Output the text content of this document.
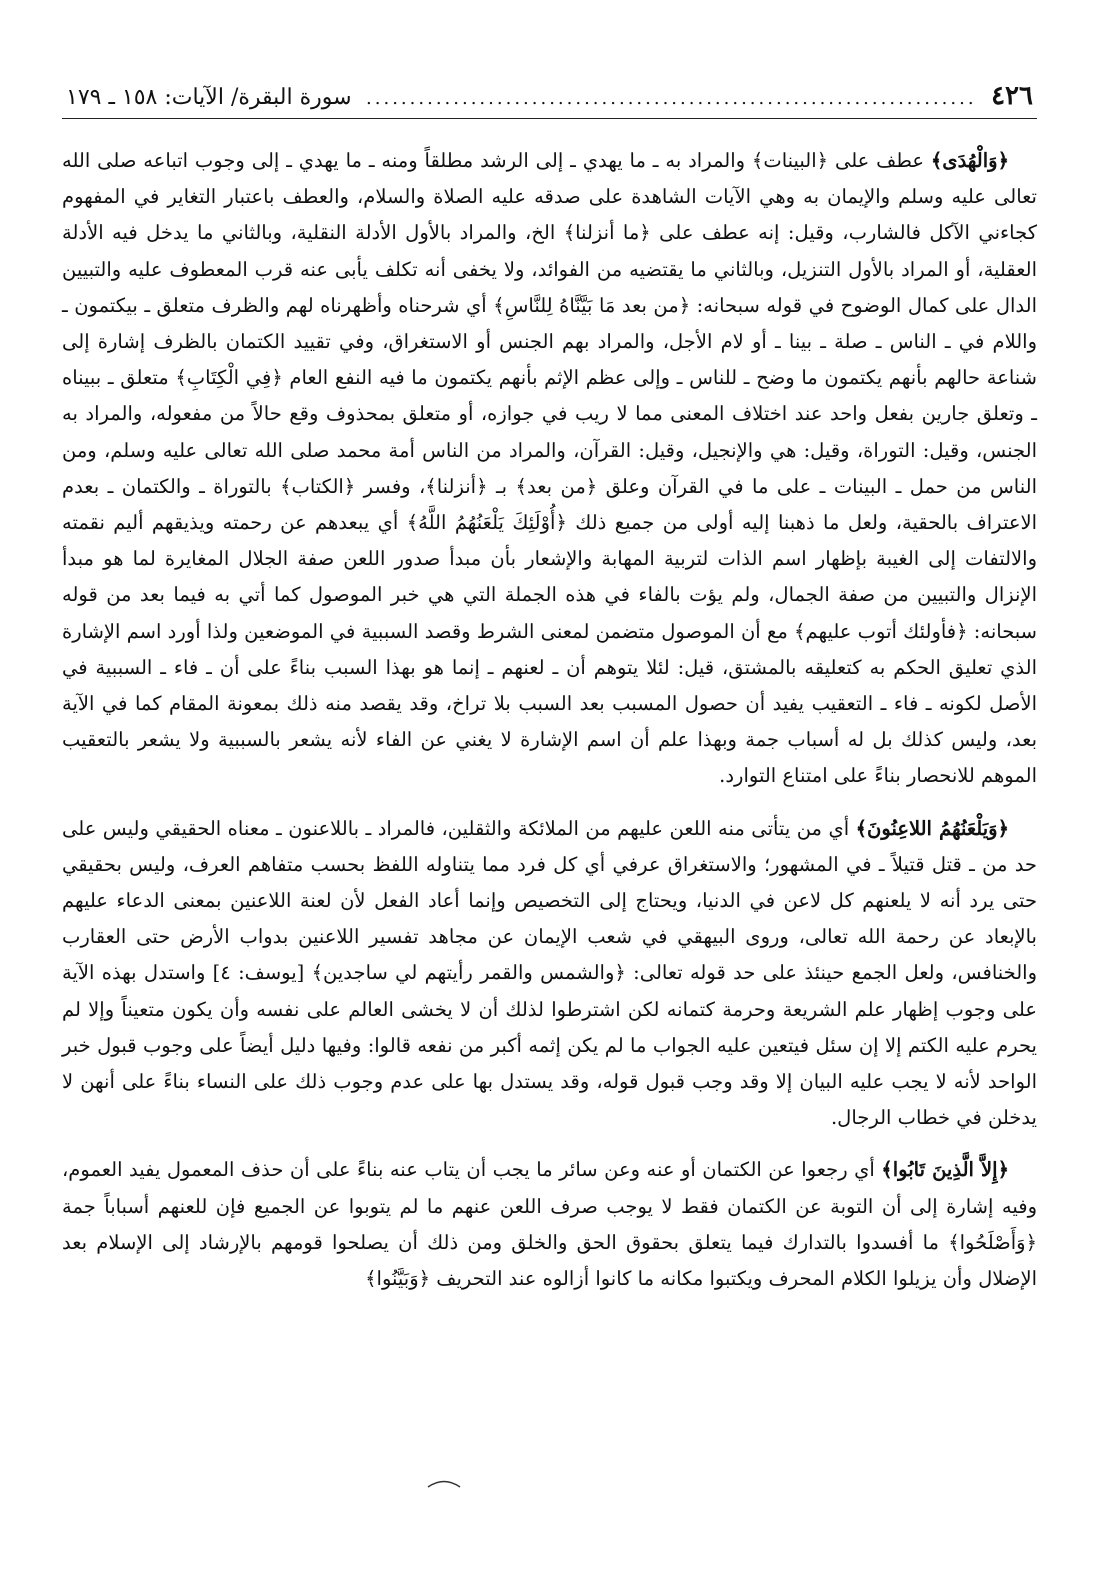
٤٢٦
......................................................................
سورة البقرة/ الآيات: ١٥٨ ـ ١٧٩

﴿وَالْهُدَى﴾ عطف على ﴿البينات﴾ والمراد به ـ ما يهدي ـ إلى الرشد مطلقاً ومنه ـ ما يهدي ـ إلى وجوب اتباعه صلى الله تعالى عليه وسلم والإيمان به وهي الآيات الشاهدة على صدقه عليه الصلاة والسلام، والعطف باعتبار التغاير في المفهوم كجاءني الآكل فالشارب، وقيل: إنه عطف على ﴿ما أنزلنا﴾ الخ، والمراد بالأول الأدلة النقلية، وبالثاني ما يدخل فيه الأدلة العقلية، أو المراد بالأول التنزيل، وبالثاني ما يقتضيه من الفوائد، ولا يخفى أنه تكلف يأبى عنه قرب المعطوف عليه والتبيين الدال على كمال الوضوح في قوله سبحانه: ﴿من بعد مَا بَيَّنَّاهُ لِلنَّاسِ﴾ أي شرحناه وأظهرناه لهم والظرف متعلق ـ بيكتمون ـ واللام في ـ الناس ـ صلة ـ بينا ـ أو لام الأجل، والمراد بهم الجنس أو الاستغراق، وفي تقييد الكتمان بالظرف إشارة إلى شناعة حالهم بأنهم يكتمون ما وضح ـ للناس ـ وإلى عظم الإثم بأنهم يكتمون ما فيه النفع العام ﴿فِي الْكِتَابِ﴾ متعلق ـ ببيناه ـ وتعلق جارين بفعل واحد عند اختلاف المعنى مما لا ريب في جوازه، أو متعلق بمحذوف وقع حالاً من مفعوله، والمراد به الجنس، وقيل: التوراة، وقيل: هي والإنجيل، وقيل: القرآن، والمراد من الناس أمة محمد صلى الله تعالى عليه وسلم، ومن الناس من حمل ـ البينات ـ على ما في القرآن وعلق ﴿من بعد﴾ بـ ﴿أنزلنا﴾، وفسر ﴿الكتاب﴾ بالتوراة ـ والكتمان ـ بعدم الاعتراف بالحقية، ولعل ما ذهبنا إليه أولى من جميع ذلك ﴿أُوْلَئِكَ يَلْعَنُهُمُ اللَّهُ﴾ أي يبعدهم عن رحمته ويذيقهم أليم نقمته والالتفات إلى الغيبة بإظهار اسم الذات لتربية المهابة والإشعار بأن مبدأ صدور اللعن صفة الجلال المغايرة لما هو مبدأ الإنزال والتبيين من صفة الجمال، ولم يؤت بالفاء في هذه الجملة التي هي خبر الموصول كما أتي به فيما بعد من قوله سبحانه: ﴿فأولئك أتوب عليهم﴾ مع أن الموصول متضمن لمعنى الشرط وقصد السببية في الموضعين ولذا أورد اسم الإشارة الذي تعليق الحكم به كتعليقه بالمشتق، قيل: لئلا يتوهم أن ـ لعنهم ـ إنما هو بهذا السبب بناءً على أن ـ فاء ـ السببية في الأصل لكونه ـ فاء ـ التعقيب يفيد أن حصول المسبب بعد السبب بلا تراخ، وقد يقصد منه ذلك بمعونة المقام كما في الآية بعد، وليس كذلك بل له أسباب جمة وبهذا علم أن اسم الإشارة لا يغني عن الفاء لأنه يشعر بالسببية ولا يشعر بالتعقيب الموهم للانحصار بناءً على امتناع التوارد.

﴿وَيَلْعَنُهُمُ اللاعِنُونَ﴾ أي من يتأتى منه اللعن عليهم من الملائكة والثقلين، فالمراد ـ باللاعنون ـ معناه الحقيقي وليس على حد من ـ قتل قتيلاً ـ في المشهور؛ والاستغراق عرفي أي كل فرد مما يتناوله اللفظ بحسب متفاهم العرف، وليس بحقيقي حتى يرد أنه لا يلعنهم كل لاعن في الدنيا، ويحتاج إلى التخصيص وإنما أعاد الفعل لأن لعنة اللاعنين بمعنى الدعاء عليهم بالإبعاد عن رحمة الله تعالى، وروى البيهقي في شعب الإيمان عن مجاهد تفسير اللاعنين بدواب الأرض حتى العقارب والخنافس، ولعل الجمع حينئذ على حد قوله تعالى: ﴿والشمس والقمر رأيتهم لي ساجدين﴾ [يوسف: ٤] واستدل بهذه الآية على وجوب إظهار علم الشريعة وحرمة كتمانه لكن اشترطوا لذلك أن لا يخشى العالم على نفسه وأن يكون متعيناً وإلا لم يحرم عليه الكتم إلا إن سئل فيتعين عليه الجواب ما لم يكن إثمه أكبر من نفعه قالوا: وفيها دليل أيضاً على وجوب قبول خبر الواحد لأنه لا يجب عليه البيان إلا وقد وجب قبول قوله، وقد يستدل بها على عدم وجوب ذلك على النساء بناءً على أنهن لا يدخلن في خطاب الرجال.

﴿إِلاَّ الَّذِينَ تَابُوا﴾ أي رجعوا عن الكتمان أو عنه وعن سائر ما يجب أن يتاب عنه بناءً على أن حذف المعمول يفيد العموم، وفيه إشارة إلى أن التوبة عن الكتمان فقط لا يوجب صرف اللعن عنهم ما لم يتوبوا عن الجميع فإن للعنهم أسباباً جمة ﴿وَأَصْلَحُوا﴾ ما أفسدوا بالتدارك فيما يتعلق بحقوق الحق والخلق ومن ذلك أن يصلحوا قومهم بالإرشاد إلى الإسلام بعد الإضلال وأن يزيلوا الكلام المحرف ويكتبوا مكانه ما كانوا أزالوه عند التحريف ﴿وَبَيَّنُوا﴾
